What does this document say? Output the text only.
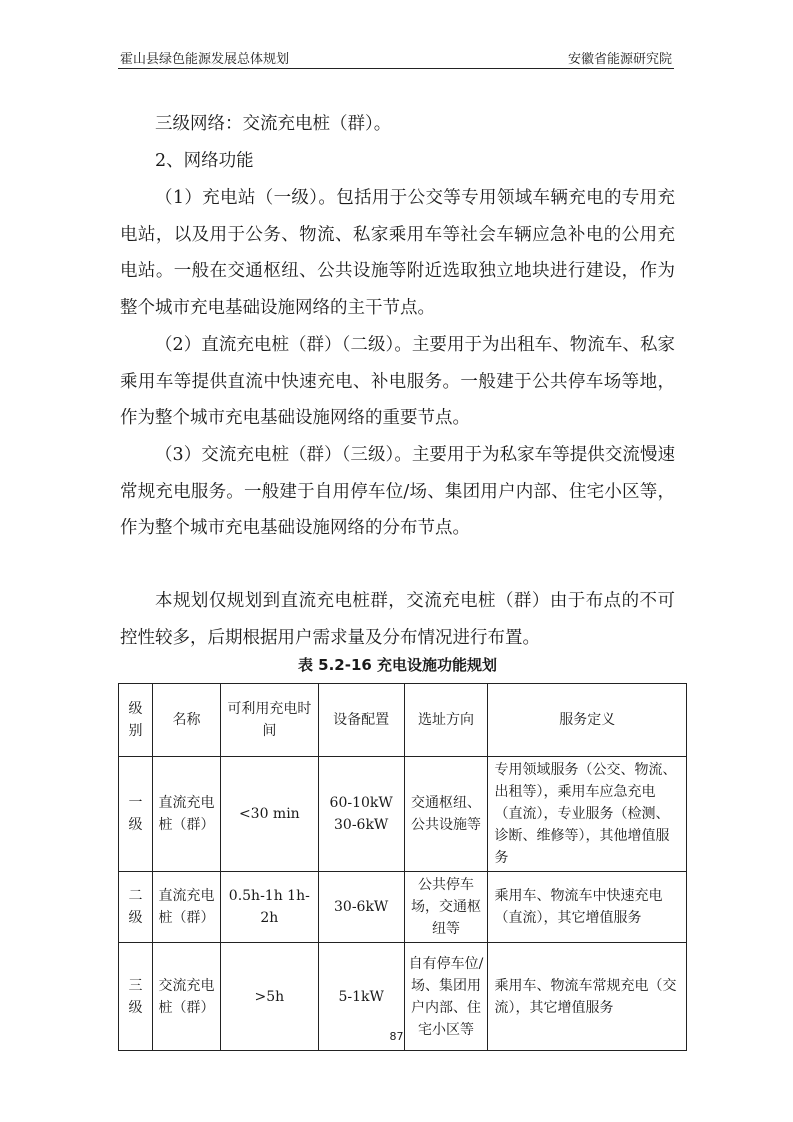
霍山县绿色能源发展总体规划	安徽省能源研究院

三级网络：交流充电桩（群）。

2、网络功能

（1）充电站（一级）。包括用于公交等专用领域车辆充电的专用充电站，以及用于公务、物流、私家乘用车等社会车辆应急补电的公用充电站。一般在交通枢纽、公共设施等附近选取独立地块进行建设，作为整个城市充电基础设施网络的主干节点。

（2）直流充电桩（群）（二级）。主要用于为出租车、物流车、私家乘用车等提供直流中快速充电、补电服务。一般建于公共停车场等地，作为整个城市充电基础设施网络的重要节点。

（3）交流充电桩（群）（三级）。主要用于为私家车等提供交流慢速常规充电服务。一般建于自用停车位/场、集团用户内部、住宅小区等，作为整个城市充电基础设施网络的分布节点。

本规划仅规划到直流充电桩群，交流充电桩（群）由于布点的不可控性较多，后期根据用户需求量及分布情况进行布置。

表 5.2-16 充电设施功能规划
级别	名称	可利用充电时间	设备配置	选址方向	服务定义
一级	直流充电桩（群）	<30 min	60-10kW 30-6kW	交通枢纽、公共设施等	专用领域服务（公交、物流、出租等），乘用车应急充电（直流），专业服务（检测、诊断、维修等），其他增值服务
二级	直流充电桩（群）	0.5h-1h 1h-2h	30-6kW	公共停车场，交通枢纽等	乘用车、物流车中快速充电（直流），其它增值服务
三级	交流充电桩（群）	>5h	5-1kW	自有停车位/场、集团用户内部、住宅小区等	乘用车、物流车常规充电（交流），其它增值服务
87
